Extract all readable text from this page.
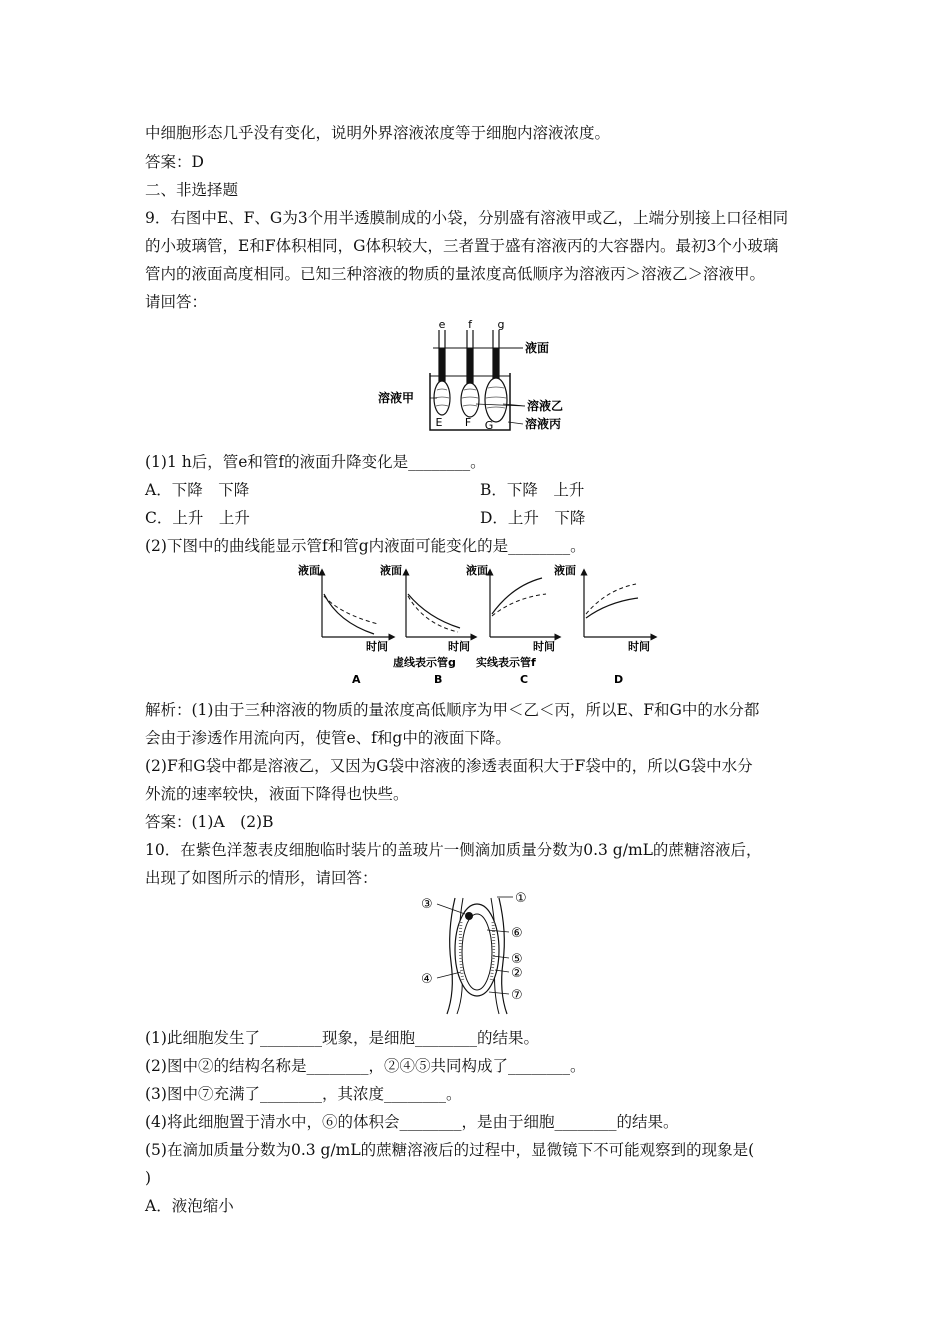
中细胞形态几乎没有变化，说明外界溶液浓度等于细胞内溶液浓度。
答案：D
二、非选择题
9．右图中E、F、G为3个用半透膜制成的小袋，分别盛有溶液甲或乙，上端分别接上口径相同
的小玻璃管，E和F体积相同，G体积较大，三者置于盛有溶液丙的大容器内。最初3个小玻璃
管内的液面高度相同。已知三种溶液的物质的量浓度高低顺序为溶液丙＞溶液乙＞溶液甲。
请回答：
e f g
液面
溶液甲
溶液乙
溶液丙
E F G
(1)1 h后，管e和管f的液面升降变化是________。
A．下降　下降	B．下降　上升
C．上升　上升	D．上升　下降
(2)下图中的曲线能显示管f和管g内液面可能变化的是________。
液面
时间
A
液面
时间
B
液面
时间
C
液面
时间
D
虚线表示管g 实线表示管f
解析：(1)由于三种溶液的物质的量浓度高低顺序为甲＜乙＜丙，所以E、F和G中的水分都
会由于渗透作用流向丙，使管e、f和g中的液面下降。
(2)F和G袋中都是溶液乙，又因为G袋中溶液的渗透表面积大于F袋中的，所以G袋中水分
外流的速率较快，液面下降得也快些。
答案：(1)A　(2)B
10．在紫色洋葱表皮细胞临时装片的盖玻片一侧滴加质量分数为0.3 g/mL的蔗糖溶液后，
出现了如图所示的情形，请回答：
①
③
⑥
⑤
②
④
⑦
(1)此细胞发生了________现象，是细胞________的结果。
(2)图中②的结构名称是________，②④⑤共同构成了________。
(3)图中⑦充满了________，其浓度________。
(4)将此细胞置于清水中，⑥的体积会________，是由于细胞________的结果。
(5)在滴加质量分数为0.3 g/mL的蔗糖溶液后的过程中，显微镜下不可能观察到的现象是(
)
A．液泡缩小
